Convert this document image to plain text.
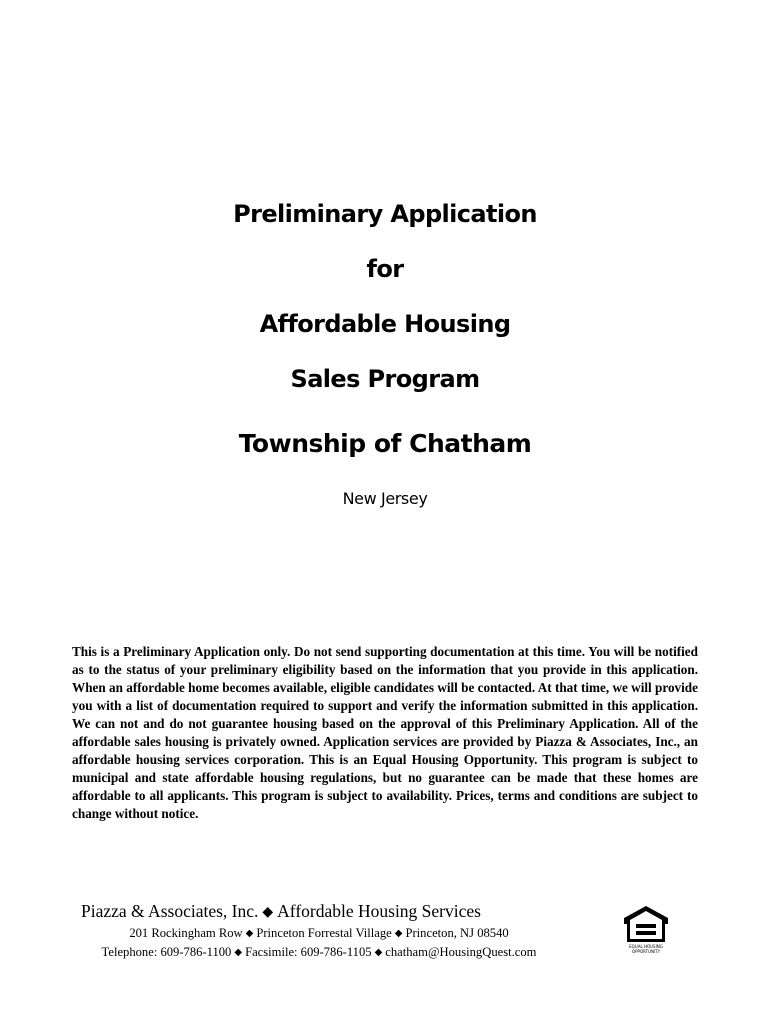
Preliminary Application
for
Affordable Housing
Sales Program
Township of Chatham
New Jersey

This is a Preliminary Application only. Do not send supporting documentation at this time. You will be notified as to the status of your preliminary eligibility based on the information that you provide in this application. When an affordable home becomes available, eligible candidates will be contacted. At that time, we will provide you with a list of documentation required to support and verify the information submitted in this application. We can not and do not guarantee housing based on the approval of this Preliminary Application. All of the affordable sales housing is privately owned. Application services are provided by Piazza & Associates, Inc., an affordable housing services corporation. This is an Equal Housing Opportunity. This program is subject to municipal and state affordable housing regulations, but no guarantee can be made that these homes are affordable to all applicants. This program is subject to availability. Prices, terms and conditions are subject to change without notice.

Piazza & Associates, Inc. ◆ Affordable Housing Services
201 Rockingham Row ◆ Princeton Forrestal Village ◆ Princeton, NJ 08540
Telephone: 609-786-1100 ◆ Facsimile: 609-786-1105 ◆ chatham@HousingQuest.com	EQUAL HOUSING OPPORTUNITY
